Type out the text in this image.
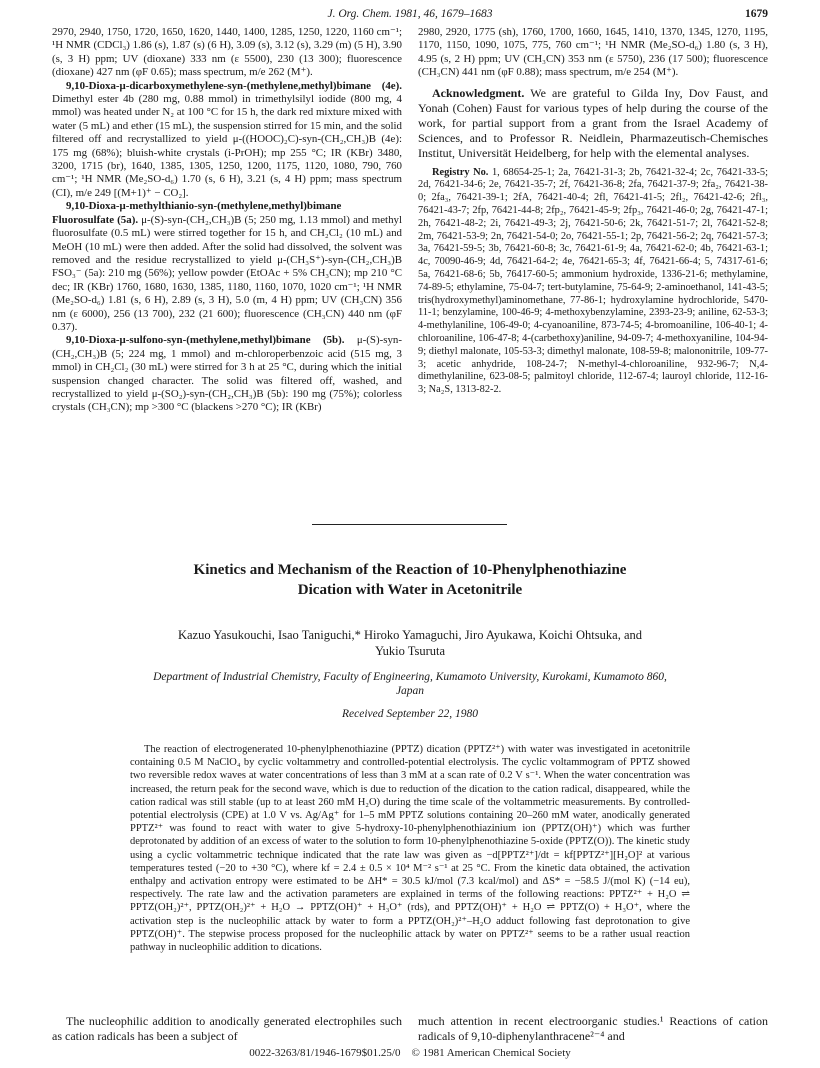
J. Org. Chem. 1981, 46, 1679–1683	1679

2970, 2940, 1750, 1720, 1650, 1620, 1440, 1400, 1285, 1250, 1220, 1160 cm⁻¹; ¹H NMR (CDCl₃) 1.86 (s), 1.87 (s) (6 H), 3.09 (s), 3.12 (s), 3.29 (m) (5 H), 3.90 (s, 3 H) ppm; UV (dioxane) 333 nm (ε 5500), 230 (13 300); fluorescence (dioxane) 427 nm (φF 0.65); mass spectrum, m/e 262 (M⁺).

9,10-Dioxa-μ-dicarboxymethylene-syn-(methylene,methyl)bimane (4e). Dimethyl ester 4b (280 mg, 0.88 mmol) in trimethylsilyl iodide (800 mg, 4 mmol) was heated under N₂ at 100 °C for 15 h, the dark red mixture mixed with water (5 mL) and ether (15 mL), the suspension stirred for 15 min, and the solid filtered off and recrystallized to yield μ-((HOOC)₂C)-syn-(CH₂,CH₃)B (4e): 175 mg (68%); bluish-white crystals (i-PrOH); mp 255 °C; IR (KBr) 3480, 3200, 1715 (br), 1640, 1385, 1305, 1250, 1200, 1175, 1120, 1080, 790, 760 cm⁻¹; ¹H NMR (Me₂SO-d₆) 1.70 (s, 6 H), 3.21 (s, 4 H) ppm; mass spectrum (CI), m/e 249 [(M+1)⁺ − CO₂].

9,10-Dioxa-μ-methylthianio-syn-(methylene,methyl)bimane Fluorosulfate (5a). μ-(S)-syn-(CH₂,CH₃)B (5; 250 mg, 1.13 mmol) and methyl fluorosulfate (0.5 mL) were stirred together for 15 h, and CH₂Cl₂ (10 mL) and MeOH (10 mL) were then added. After the solid had dissolved, the solvent was removed and the residue recrystallized to yield μ-(CH₃S⁺)-syn-(CH₂,CH₃)B FSO₃⁻ (5a): 210 mg (56%); yellow powder (EtOAc + 5% CH₃CN); mp 210 °C dec; IR (KBr) 1760, 1680, 1630, 1385, 1180, 1160, 1070, 1020 cm⁻¹; ¹H NMR (Me₂SO-d₆) 1.81 (s, 6 H), 2.89 (s, 3 H), 5.0 (m, 4 H) ppm; UV (CH₃CN) 356 nm (ε 6000), 256 (13 700), 232 (21 600); fluorescence (CH₃CN) 440 nm (φF 0.37).

9,10-Dioxa-μ-sulfono-syn-(methylene,methyl)bimane (5b). μ-(S)-syn-(CH₂,CH₃)B (5; 224 mg, 1 mmol) and m-chloroperbenzoic acid (515 mg, 3 mmol) in CH₂Cl₂ (30 mL) were stirred for 3 h at 25 °C, during which the initial suspension changed character. The solid was filtered off, washed, and recrystallized to yield μ-(SO₂)-syn-(CH₂,CH₃)B (5b): 190 mg (75%); colorless crystals (CH₃CN); mp >300 °C (blackens >270 °C); IR (KBr)

2980, 2920, 1775 (sh), 1760, 1700, 1660, 1645, 1410, 1370, 1345, 1270, 1195, 1170, 1150, 1090, 1075, 775, 760 cm⁻¹; ¹H NMR (Me₂SO-d₆) 1.80 (s, 3 H), 4.95 (s, 2 H) ppm; UV (CH₃CN) 353 nm (ε 5750), 236 (17 500); fluorescence (CH₃CN) 441 nm (φF 0.88); mass spectrum, m/e 254 (M⁺).

Acknowledgment. We are grateful to Gilda Iny, Dov Faust, and Yonah (Cohen) Faust for various types of help during the course of the work, for partial support from a grant from the Israel Academy of Sciences, and to Professor R. Neidlein, Pharmazeutisch-Chemisches Institut, Universität Heidelberg, for help with the elemental analyses.

Registry No. 1, 68654-25-1; 2a, 76421-31-3; 2b, 76421-32-4; 2c, 76421-33-5; 2d, 76421-34-6; 2e, 76421-35-7; 2f, 76421-36-8; 2fa, 76421-37-9; 2fa₂, 76421-38-0; 2fa₃, 76421-39-1; 2fA, 76421-40-4; 2fl, 76421-41-5; 2fl₂, 76421-42-6; 2fl₃, 76421-43-7; 2fp, 76421-44-8; 2fp₂, 76421-45-9; 2fp₃, 76421-46-0; 2g, 76421-47-1; 2h, 76421-48-2; 2i, 76421-49-3; 2j, 76421-50-6; 2k, 76421-51-7; 2l, 76421-52-8; 2m, 76421-53-9; 2n, 76421-54-0; 2o, 76421-55-1; 2p, 76421-56-2; 2q, 76421-57-3; 3a, 76421-59-5; 3b, 76421-60-8; 3c, 76421-61-9; 4a, 76421-62-0; 4b, 76421-63-1; 4c, 70090-46-9; 4d, 76421-64-2; 4e, 76421-65-3; 4f, 76421-66-4; 5, 74317-61-6; 5a, 76421-68-6; 5b, 76417-60-5; ammonium hydroxide, 1336-21-6; methylamine, 74-89-5; ethylamine, 75-04-7; tert-butylamine, 75-64-9; 2-aminoethanol, 141-43-5; tris(hydroxymethyl)aminomethane, 77-86-1; hydroxylamine hydrochloride, 5470-11-1; benzylamine, 100-46-9; 4-methoxybenzylamine, 2393-23-9; aniline, 62-53-3; 4-methylaniline, 106-49-0; 4-cyanoaniline, 873-74-5; 4-bromoaniline, 106-40-1; 4-chloroaniline, 106-47-8; 4-(carbethoxy)aniline, 94-09-7; 4-methoxyaniline, 104-94-9; diethyl malonate, 105-53-3; dimethyl malonate, 108-59-8; malononitrile, 109-77-3; acetic anhydride, 108-24-7; N-methyl-4-chloroaniline, 932-96-7; N,4-dimethylaniline, 623-08-5; palmitoyl chloride, 112-67-4; lauroyl chloride, 112-16-3; Na₂S, 1313-82-2.

Kinetics and Mechanism of the Reaction of 10-Phenylphenothiazine
Dication with Water in Acetonitrile
Kazuo Yasukouchi, Isao Taniguchi,* Hiroko Yamaguchi, Jiro Ayukawa, Koichi Ohtsuka, and
Yukio Tsuruta
Department of Industrial Chemistry, Faculty of Engineering, Kumamoto University, Kurokami, Kumamoto 860,
Japan
Received September 22, 1980

The reaction of electrogenerated 10-phenylphenothiazine (PPTZ) dication (PPTZ²⁺) with water was investigated in acetonitrile containing 0.5 M NaClO₄ by cyclic voltammetry and controlled-potential electrolysis. The cyclic voltammogram of PPTZ showed two reversible redox waves at water concentrations of less than 3 mM at a scan rate of 0.2 V s⁻¹. When the water concentration was increased, the return peak for the second wave, which is due to reduction of the dication to the cation radical, disappeared, while the cation radical was still stable (up to at least 260 mM H₂O) during the time scale of the voltammetric measurements. By controlled-potential electrolysis (CPE) at 1.0 V vs. Ag/Ag⁺ for 1–5 mM PPTZ solutions containing 20–260 mM water, anodically generated PPTZ²⁺ was found to react with water to give 5-hydroxy-10-phenylphenothiazinium ion (PPTZ(OH)⁺) which was further deprotonated by addition of an excess of water to the solution to form 10-phenylphenothiazine 5-oxide (PPTZ(O)). The kinetic study using a cyclic voltammetric technique indicated that the rate law was given as −d[PPTZ²⁺]/dt = kf[PPTZ²⁺][H₂O]² at various temperatures tested (−20 to +30 °C), where kf = 2.4 ± 0.5 × 10⁴ M⁻² s⁻¹ at 25 °C. From the kinetic data obtained, the activation enthalpy and activation entropy were estimated to be ΔH* = 30.5 kJ/mol (7.3 kcal/mol) and ΔS* = −58.5 J/(mol K) (−14 eu), respectively. The rate law and the activation parameters are explained in terms of the following reactions: PPTZ²⁺ + H₂O ⇌ PPTZ(OH₂)²⁺, PPTZ(OH₂)²⁺ + H₂O → PPTZ(OH)⁺ + H₃O⁺ (rds), and PPTZ(OH)⁺ + H₂O ⇌ PPTZ(O) + H₃O⁺, where the activation step is the nucleophilic attack by water to form a PPTZ(OH₂)²⁺–H₂O adduct following fast deprotonation to give PPTZ(OH)⁺. The stepwise process proposed for the nucleophilic attack by water on PPTZ²⁺ seems to be a rather usual reaction pathway in nucleophilic addition to dications.

The nucleophilic addition to anodically generated electrophiles such as cation radicals has been a subject of

much attention in recent electroorganic studies.¹ Reactions of cation radicals of 9,10-diphenylanthracene²⁻⁴ and

0022-3263/81/1946-1679$01.25/0 © 1981 American Chemical Society
